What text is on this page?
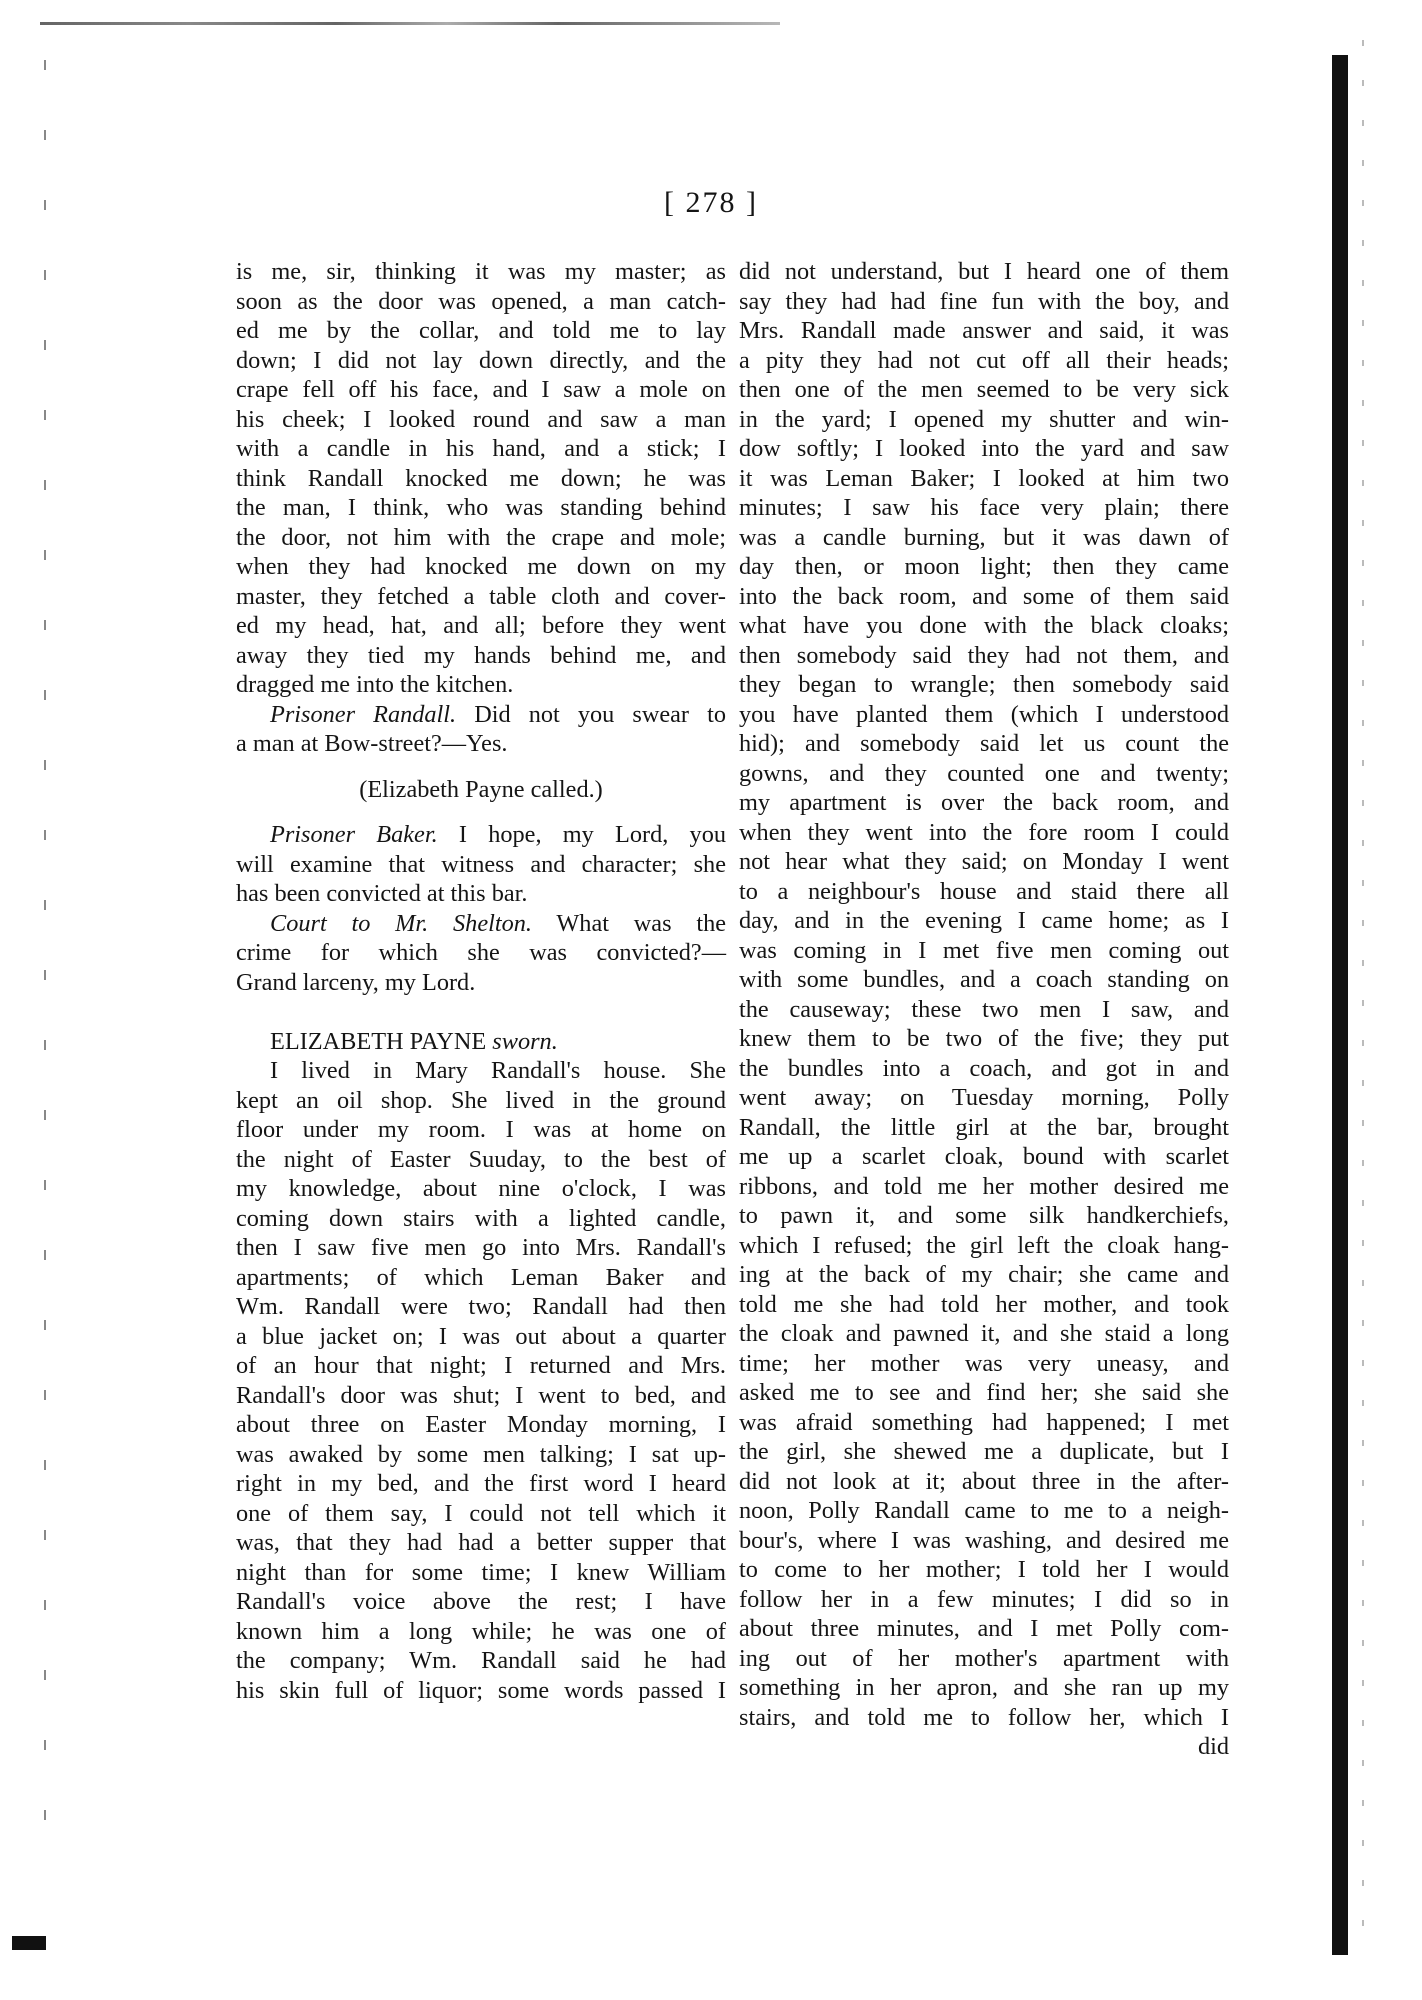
[ 278 ]
is me, sir, thinking it was my master; as
soon as the door was opened, a man catch-
ed me by the collar, and told me to lay
down; I did not lay down directly, and the
crape fell off his face, and I saw a mole on
his cheek; I looked round and saw a man
with a candle in his hand, and a stick; I
think Randall knocked me down; he was
the man, I think, who was standing behind
the door, not him with the crape and mole;
when they had knocked me down on my
master, they fetched a table cloth and cover-
ed my head, hat, and all; before they went
away they tied my hands behind me, and
dragged me into the kitchen.
Prisoner Randall. Did not you swear to
a man at Bow-street?—Yes.
(Elizabeth Payne called.)
Prisoner Baker. I hope, my Lord, you
will examine that witness and character; she
has been convicted at this bar.
Court to Mr. Shelton. What was the
crime for which she was convicted?—
Grand larceny, my Lord.
ELIZABETH PAYNE sworn.
I lived in Mary Randall's house. She
kept an oil shop. She lived in the ground
floor under my room. I was at home on
the night of Easter Suuday, to the best of
my knowledge, about nine o'clock, I was
coming down stairs with a lighted candle,
then I saw five men go into Mrs. Randall's
apartments; of which Leman Baker and
Wm. Randall were two; Randall had then
a blue jacket on; I was out about a quarter
of an hour that night; I returned and Mrs.
Randall's door was shut; I went to bed, and
about three on Easter Monday morning, I
was awaked by some men talking; I sat up-
right in my bed, and the first word I heard
one of them say, I could not tell which it
was, that they had had a better supper that
night than for some time; I knew William
Randall's voice above the rest; I have
known him a long while; he was one of
the company; Wm. Randall said he had
his skin full of liquor; some words passed I
did not understand, but I heard one of them
say they had had fine fun with the boy, and
Mrs. Randall made answer and said, it was
a pity they had not cut off all their heads;
then one of the men seemed to be very sick
in the yard; I opened my shutter and win-
dow softly; I looked into the yard and saw
it was Leman Baker; I looked at him two
minutes; I saw his face very plain; there
was a candle burning, but it was dawn of
day then, or moon light; then they came
into the back room, and some of them said
what have you done with the black cloaks;
then somebody said they had not them, and
they began to wrangle; then somebody said
you have planted them (which I understood
hid); and somebody said let us count the
gowns, and they counted one and twenty;
my apartment is over the back room, and
when they went into the fore room I could
not hear what they said; on Monday I went
to a neighbour's house and staid there all
day, and in the evening I came home; as I
was coming in I met five men coming out
with some bundles, and a coach standing on
the causeway; these two men I saw, and
knew them to be two of the five; they put
the bundles into a coach, and got in and
went away; on Tuesday morning, Polly
Randall, the little girl at the bar, brought
me up a scarlet cloak, bound with scarlet
ribbons, and told me her mother desired me
to pawn it, and some silk handkerchiefs,
which I refused; the girl left the cloak hang-
ing at the back of my chair; she came and
told me she had told her mother, and took
the cloak and pawned it, and she staid a long
time; her mother was very uneasy, and
asked me to see and find her; she said she
was afraid something had happened; I met
the girl, she shewed me a duplicate, but I
did not look at it; about three in the after-
noon, Polly Randall came to me to a neigh-
bour's, where I was washing, and desired me
to come to her mother; I told her I would
follow her in a few minutes; I did so in
about three minutes, and I met Polly com-
ing out of her mother's apartment with
something in her apron, and she ran up my
stairs, and told me to follow her, which I
did
